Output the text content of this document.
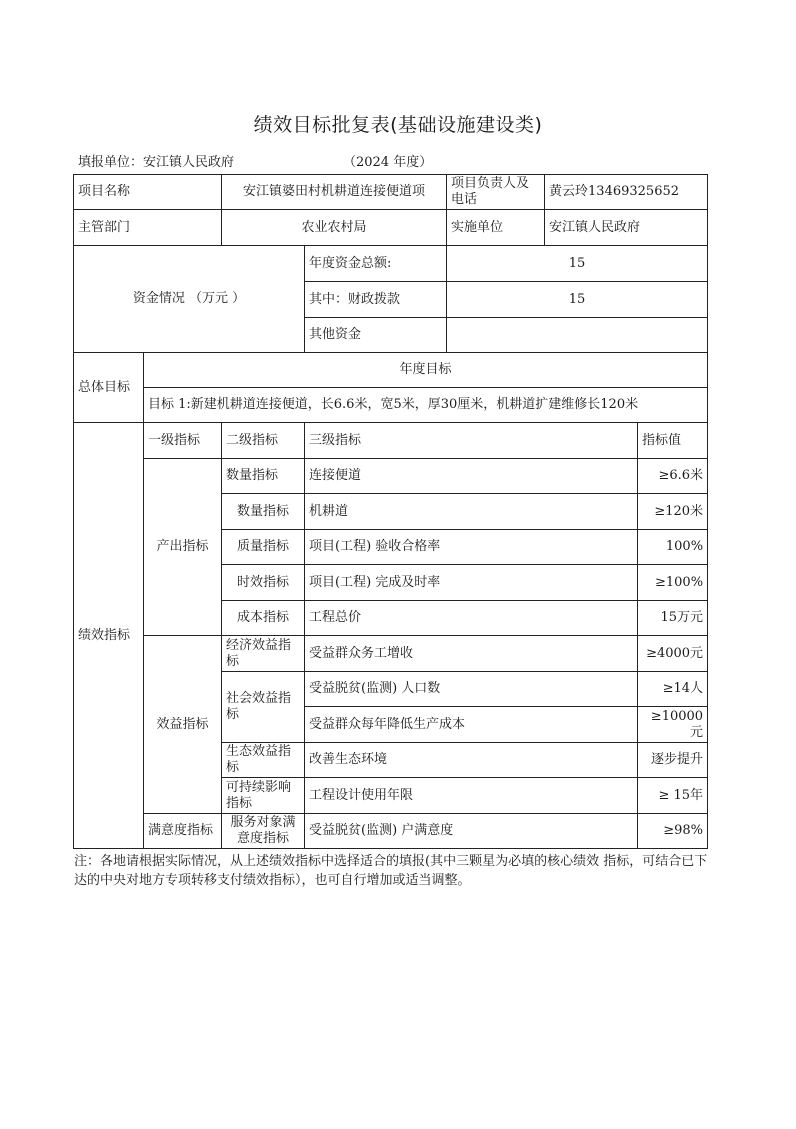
绩效目标批复表(基础设施建设类)
填报单位：安江镇人民政府	（2024 年度）
项目名称		安江镇婆田村机耕道连接便道项		项目负责人及电话	黄云玲13469325652	
主管部门		农业农村局		实施单位	安江镇人民政府	
资金情况 （万元 ）			年度资金总额:	15		
			其中：财政拨款	15		
			其他资金			
总体目标	年度目标					
	目标 1:新建机耕道连接便道，长6.6米，宽5米，厚30厘米，机耕道扩建维修长120米					
绩效指标	一级指标	二级指标	三级指标			指标值
	产出指标	数量指标	连接便道			≥6.6米
		数量指标	机耕道			≥120米
		质量指标	项目(工程) 验收合格率			100%
		时效指标	项目(工程) 完成及时率			≥100%
		成本指标	工程总价			15万元
	效益指标	经济效益指标	受益群众务工增收			≥4000元
		社会效益指标	受益脱贫(监测) 人口数			≥14人
			受益群众每年降低生产成本			≥10000元
		生态效益指标	改善生态环境			逐步提升
		可持续影响指标	工程设计使用年限			≥ 15年
	满意度指标	服务对象满意度指标	受益脱贫(监测) 户满意度			≥98%
注：各地请根据实际情况，从上述绩效指标中选择适合的填报(其中三颗星为必填的核心绩效 指标，可结合已下达的中央对地方专项转移支付绩效指标），也可自行增加或适当调整。
